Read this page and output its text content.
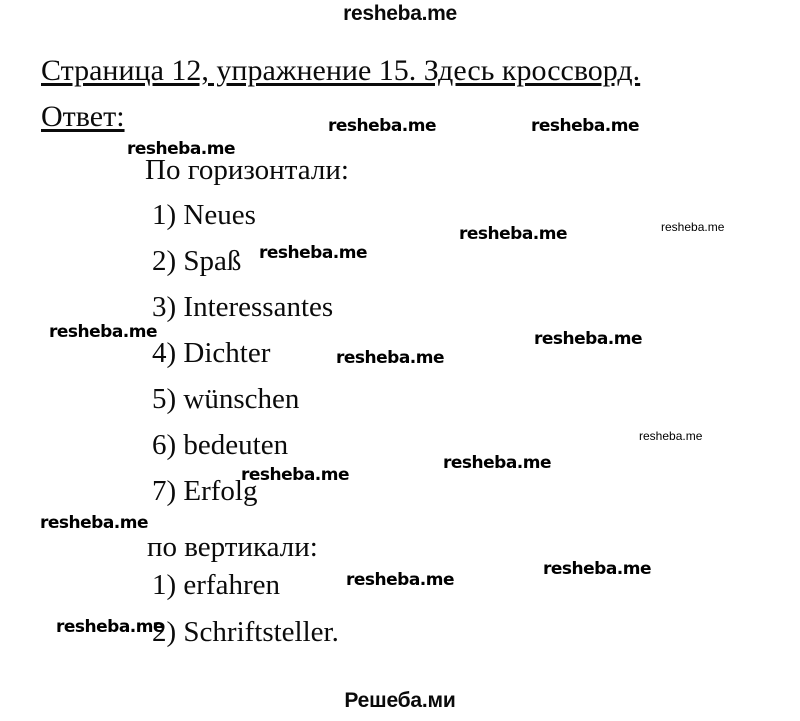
resheba.me
Страница 12, упражнение 15. Здесь кроссворд.
Ответ:
По горизонтали:
1) Neues
2) Spaß
3) Interessantes
4) Dichter
5) wünschen
6) bedeuten
7) Erfolg
по вертикали:
1) erfahren
2) Schriftsteller.
resheba.me	resheba.me
resheba.me
resheba.me	resheba.me
resheba.me
resheba.me	resheba.me
resheba.me
resheba.me
resheba.me
resheba.me
resheba.me
resheba.me
resheba.me
resheba.me
Решеба.ми
